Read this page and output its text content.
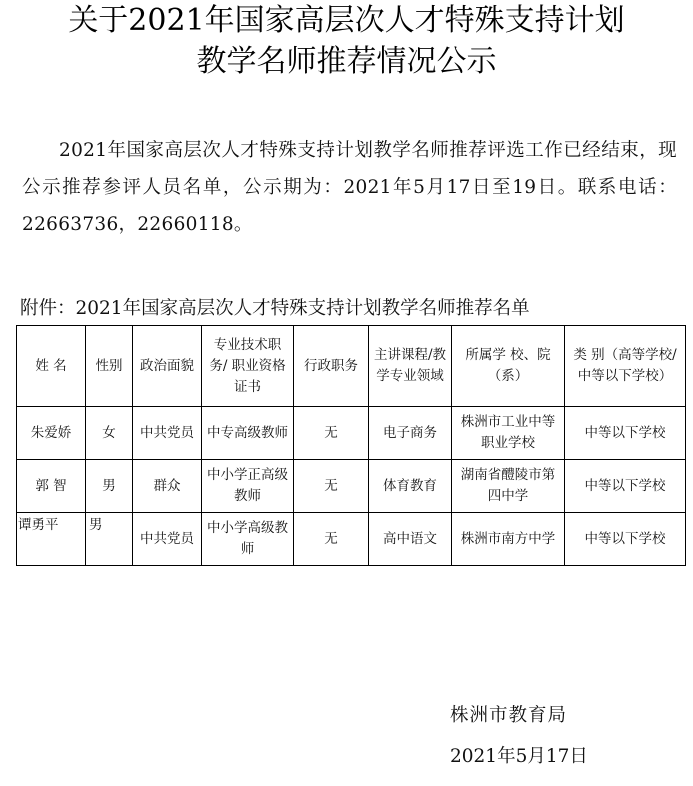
关于2021年国家高层次人才特殊支持计划
教学名师推荐情况公示
2021年国家高层次人才特殊支持计划教学名师推荐评选工作已经结束，现公示推荐参评人员名单，公示期为：2021年5月17日至19日。联系电话： 22663736，22660118。
附件：2021年国家高层次人才特殊支持计划教学名师推荐名单
姓 名	性别	政治面貌	专业技术职务/ 职业资格证书	行政职务	主讲课程/教学专业领域	所属学 校、院（系）	类 别（高等学校/中等以下学校）
朱爱娇	女	中共党员	中专高级教师	无	电子商务	株洲市工业中等职业学校	中等以下学校
郭 智	男	群众	中小学正高级教师	无	体育教育	湖南省醴陵市第四中学	中等以下学校
谭勇平	男	中共党员	中小学高级教师	无	高中语文	株洲市南方中学	中等以下学校
株洲市教育局
2021年5月17日
